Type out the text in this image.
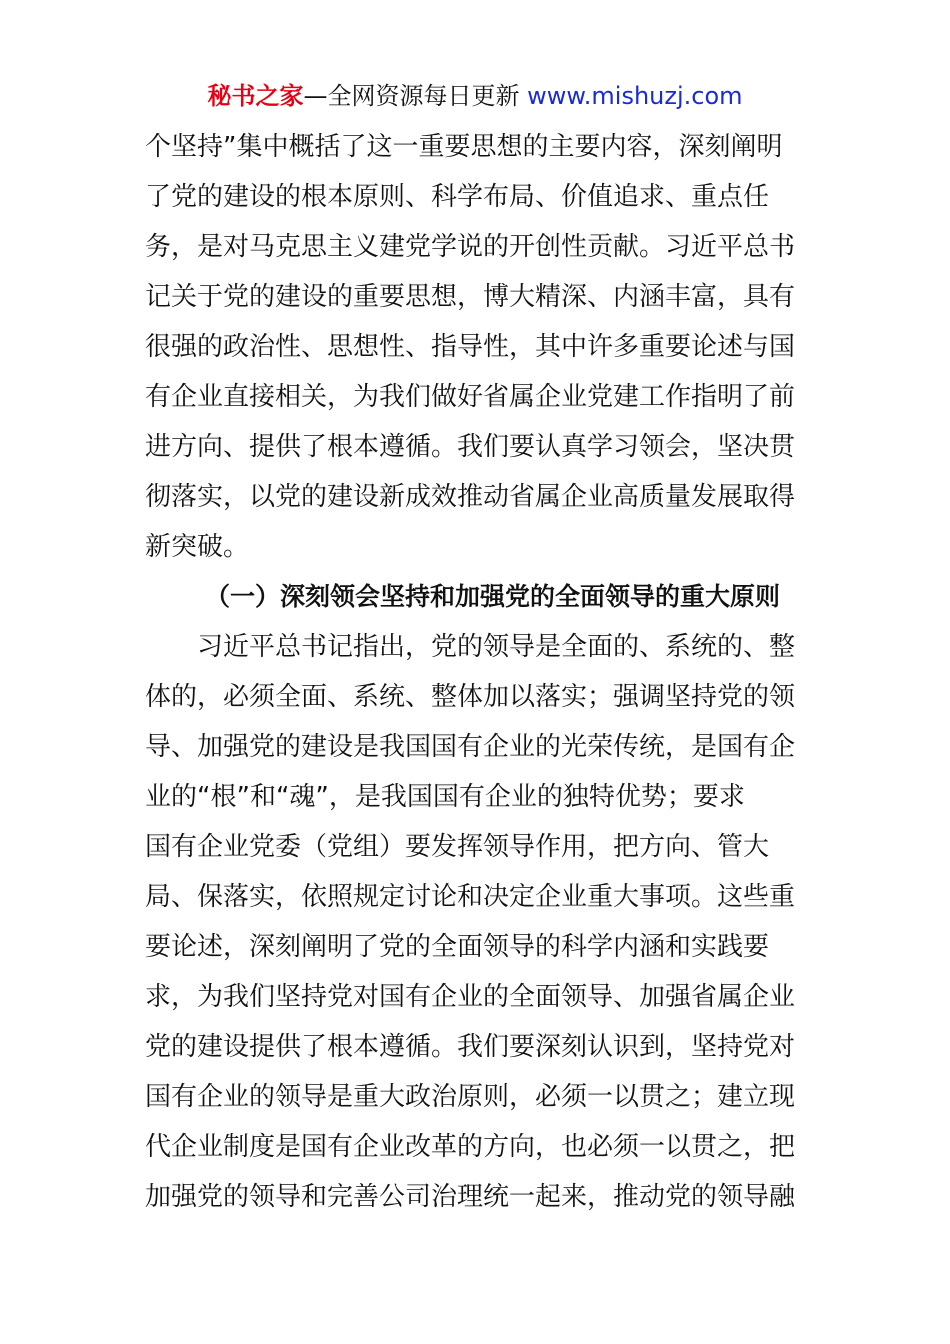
秘书之家—全网资源每日更新 www.mishuzj.com
个坚持”集中概括了这一重要思想的主要内容，深刻阐明
了党的建设的根本原则、科学布局、价值追求、重点任
务，是对马克思主义建党学说的开创性贡献。习近平总书
记关于党的建设的重要思想，博大精深、内涵丰富，具有
很强的政治性、思想性、指导性，其中许多重要论述与国
有企业直接相关，为我们做好省属企业党建工作指明了前
进方向、提供了根本遵循。我们要认真学习领会，坚决贯
彻落实，以党的建设新成效推动省属企业高质量发展取得
新突破。
（一）深刻领会坚持和加强党的全面领导的重大原则
　　习近平总书记指出，党的领导是全面的、系统的、整
体的，必须全面、系统、整体加以落实；强调坚持党的领
导、加强党的建设是我国国有企业的光荣传统，是国有企
业的“根”和“魂”，是我国国有企业的独特优势；要求
国有企业党委（党组）要发挥领导作用，把方向、管大
局、保落实，依照规定讨论和决定企业重大事项。这些重
要论述，深刻阐明了党的全面领导的科学内涵和实践要
求，为我们坚持党对国有企业的全面领导、加强省属企业
党的建设提供了根本遵循。我们要深刻认识到，坚持党对
国有企业的领导是重大政治原则，必须一以贯之；建立现
代企业制度是国有企业改革的方向，也必须一以贯之，把
加强党的领导和完善公司治理统一起来，推动党的领导融
